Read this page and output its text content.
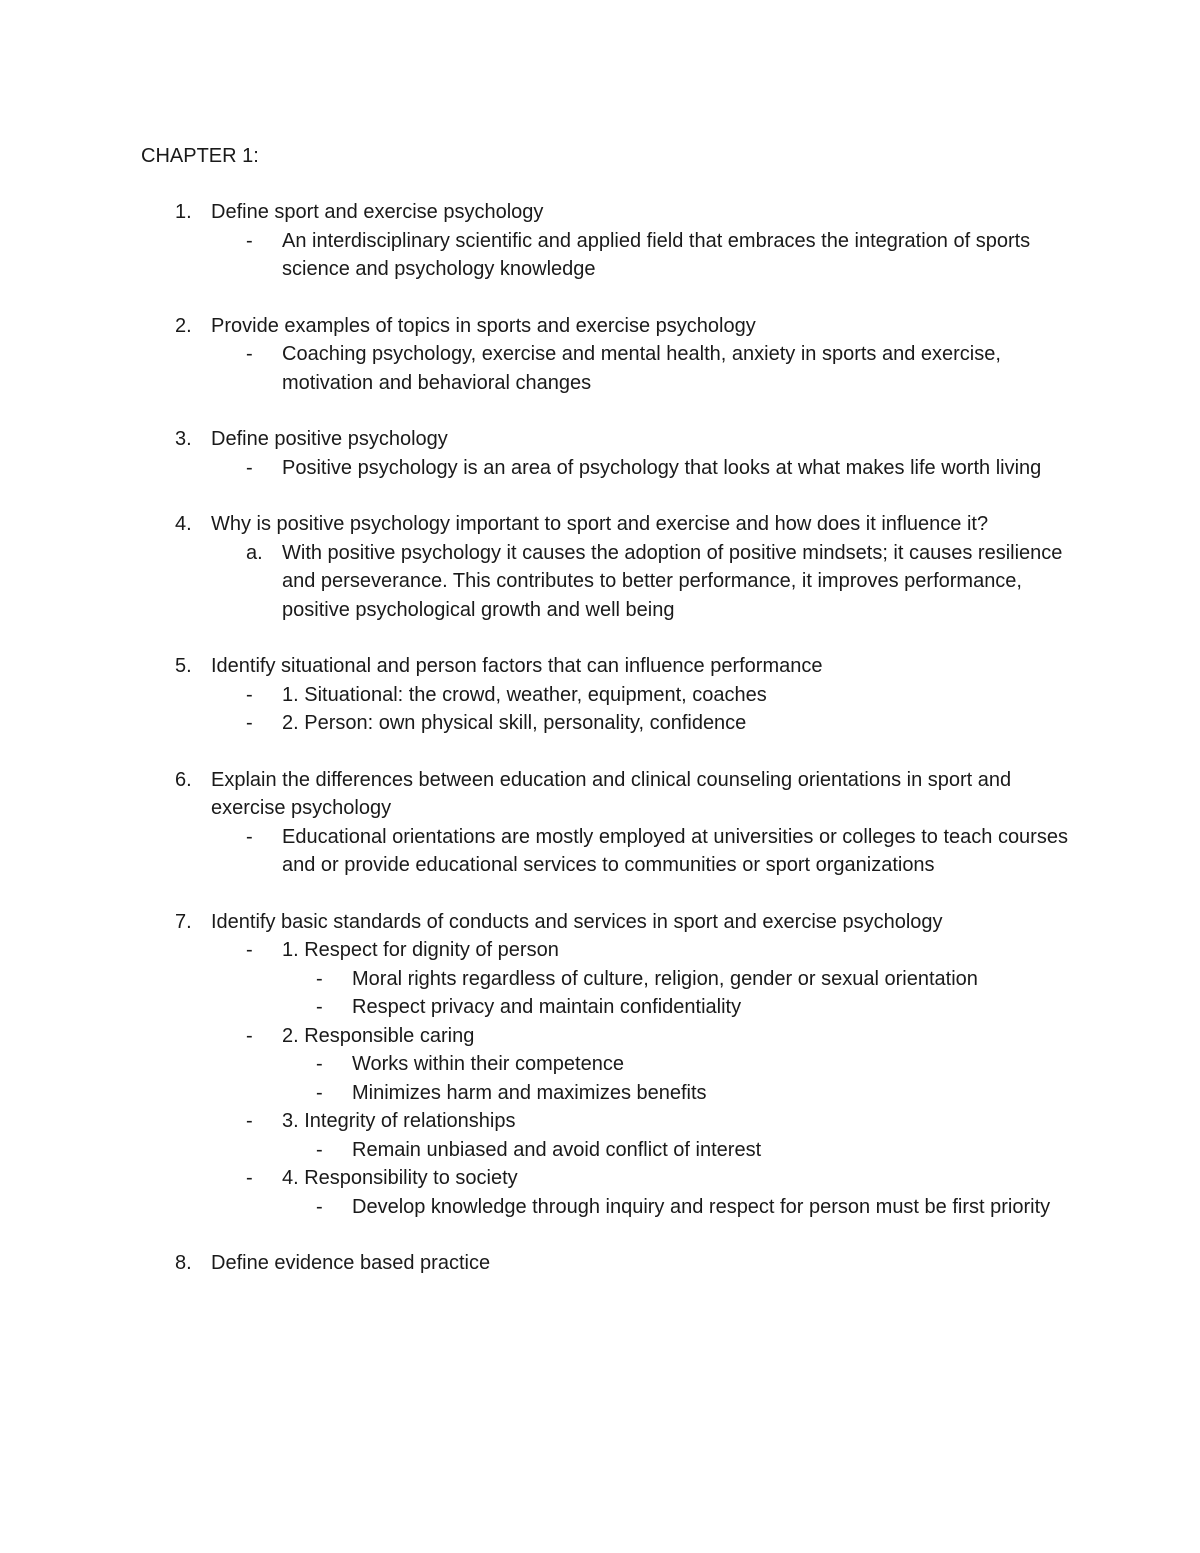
CHAPTER 1:
1. Define sport and exercise psychology
- An interdisciplinary scientific and applied field that embraces the integration of sports science and psychology knowledge
2. Provide examples of topics in sports and exercise psychology
- Coaching psychology, exercise and mental health, anxiety in sports and exercise, motivation and behavioral changes
3. Define positive psychology
- Positive psychology is an area of psychology that looks at what makes life worth living
4. Why is positive psychology important to sport and exercise and how does it influence it?
a. With positive psychology it causes the adoption of positive mindsets; it causes resilience and perseverance. This contributes to better performance, it improves performance, positive psychological growth and well being
5. Identify situational and person factors that can influence performance
- 1. Situational: the crowd, weather, equipment, coaches
- 2. Person: own physical skill, personality, confidence
6. Explain the differences between education and clinical counseling orientations in sport and exercise psychology
- Educational orientations are mostly employed at universities or colleges to teach courses and or provide educational services to communities or sport organizations
7. Identify basic standards of conducts and services in sport and exercise psychology
- 1. Respect for dignity of person
- Moral rights regardless of culture, religion, gender or sexual orientation
- Respect privacy and maintain confidentiality
- 2. Responsible caring
- Works within their competence
- Minimizes harm and maximizes benefits
- 3. Integrity of relationships
- Remain unbiased and avoid conflict of interest
- 4. Responsibility to society
- Develop knowledge through inquiry and respect for person must be first priority
8. Define evidence based practice
